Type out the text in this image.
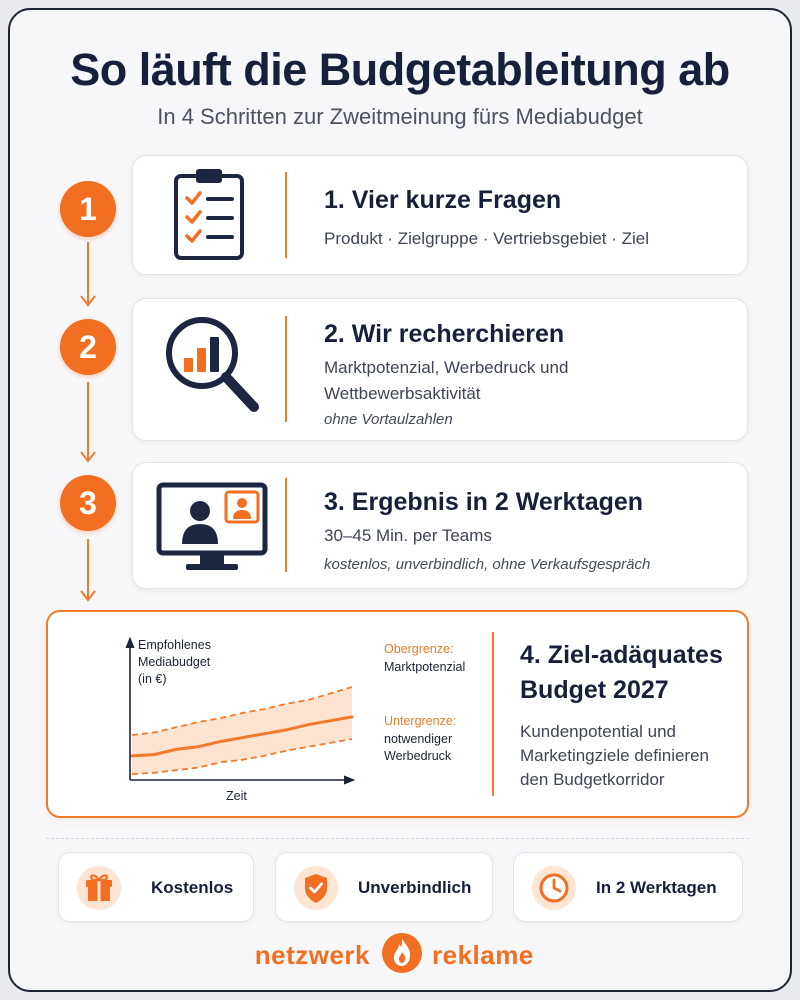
So läuft die Budgetableitung ab
In 4 Schritten zur Zweitmeinung fürs Mediabudget
1
2
3
1. Vier kurze Fragen
Produkt · Zielgruppe · Vertriebsgebiet · Ziel
2. Wir recherchieren
Marktpotenzial, Werbedruck und
Wettbewerbsaktivität
ohne Vortaulzahlen
3. Ergebnis in 2 Werktagen
30–45 Min. per Teams
kostenlos, unverbindlich, ohne Verkaufsgespräch
Empfohlenes
Mediabudget
(in €)
Zeit
Obergrenze:
Marktpotenzial
Untergrenze:
notwendiger
Werbedruck
4. Ziel-adäquates
Budget 2027
Kundenpotential und
Marketingziele definieren
den Budgetkorridor
Kostenlos	Unverbindlich	In 2 Werktagen
netzwerk reklame
